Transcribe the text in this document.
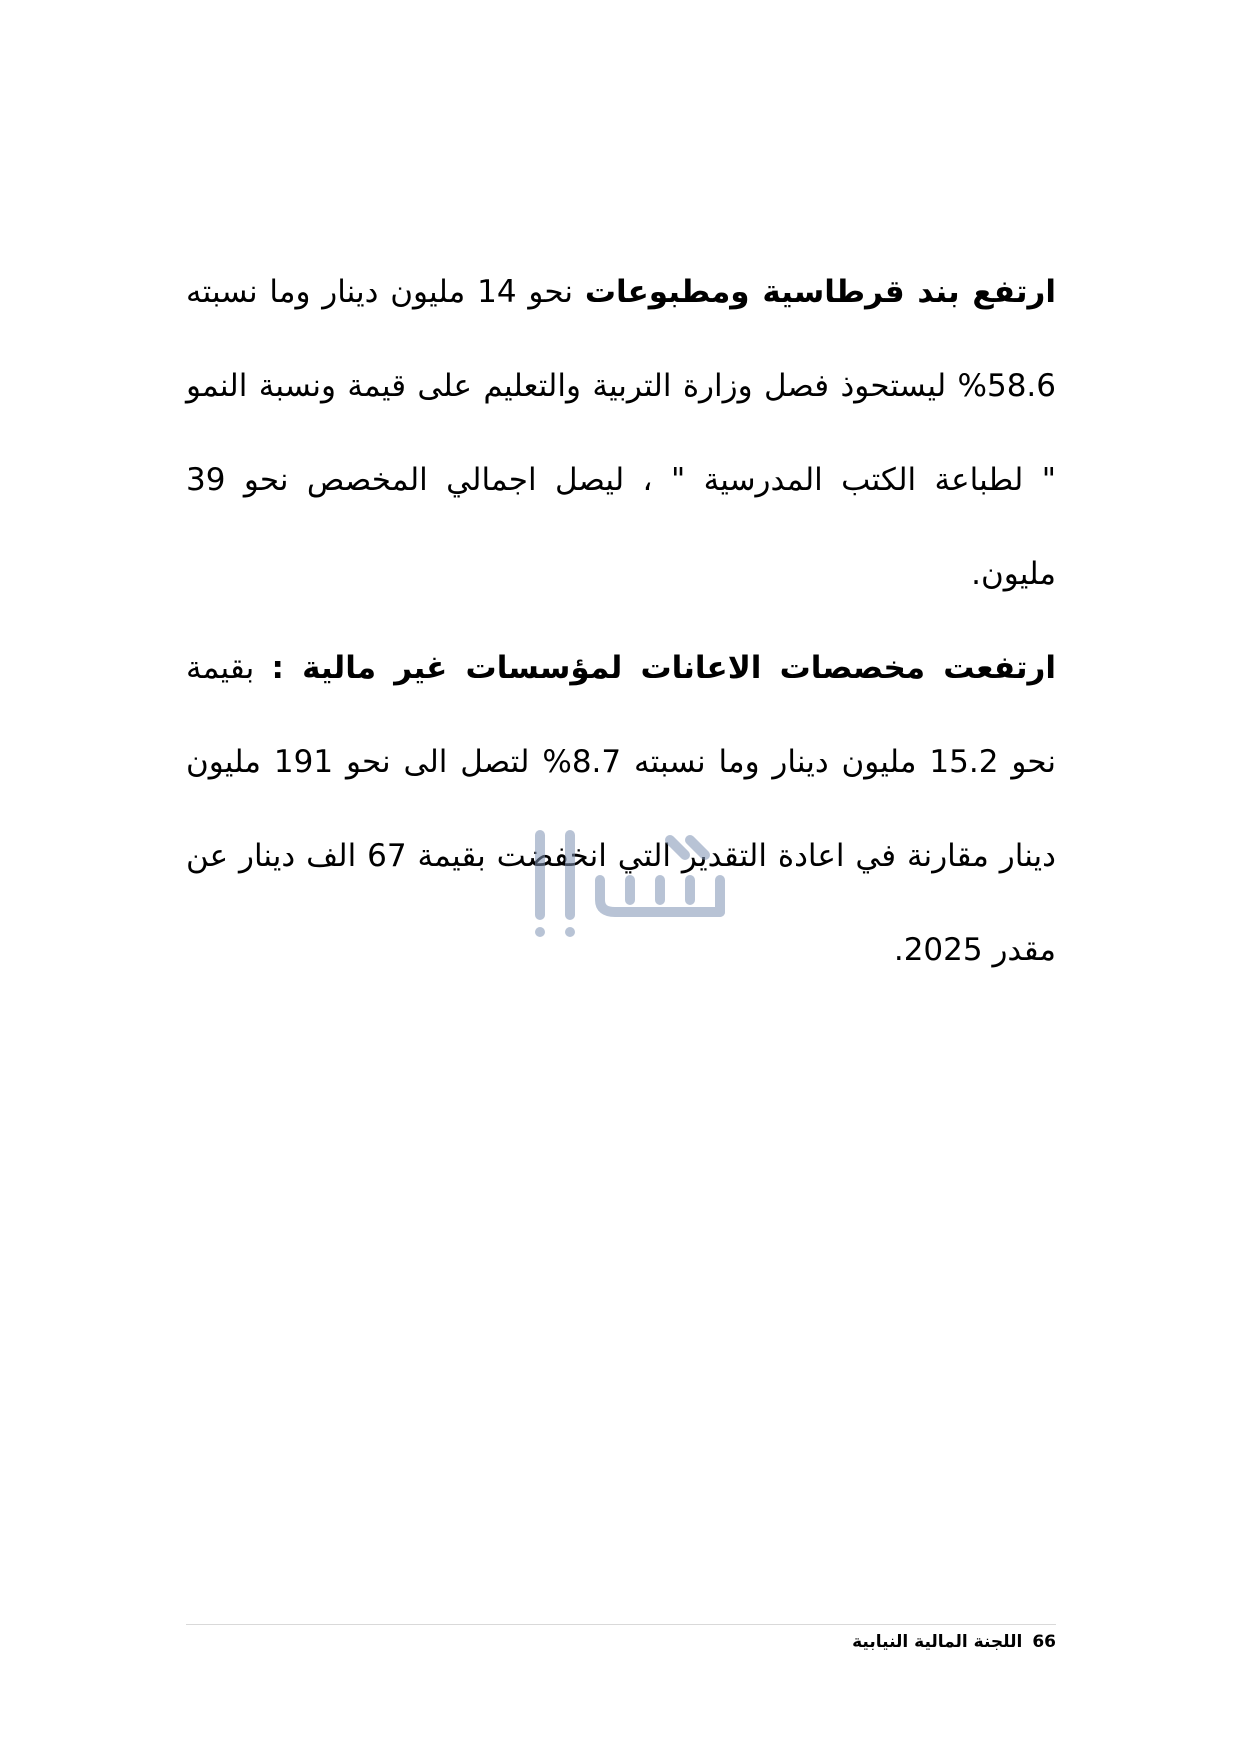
ارتفع بند قرطاسية ومطبوعات نحو 14 مليون دينار وما نسبته 58.6% ليستحوذ فصل وزارة التربية والتعليم على قيمة ونسبة النمو " لطباعة الكتب المدرسية " ، ليصل اجمالي المخصص نحو 39 مليون.

ارتفعت مخصصات الاعانات لمؤسسات غير مالية : بقيمة نحو 15.2 مليون دينار وما نسبته 8.7% لتصل الى نحو 191 مليون دينار مقارنة في اعادة التقدير التي انخفضت بقيمة 67 الف دينار عن مقدر 2025.

66اللجنة المالية النيابية
